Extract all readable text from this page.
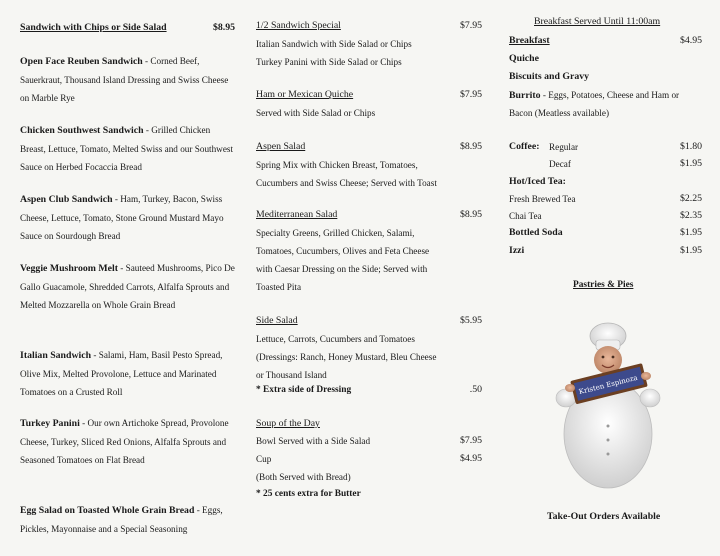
Sandwich with Chips or Side Salad	$8.95
Open Face Reuben Sandwich - Corned Beef, Sauerkraut, Thousand Island Dressing and Swiss Cheese on Marble Rye
Chicken Southwest Sandwich - Grilled Chicken Breast, Lettuce, Tomato, Melted Swiss and our Southwest Sauce on Herbed Focaccia Bread
Aspen Club Sandwich - Ham, Turkey, Bacon, Swiss Cheese, Lettuce, Tomato, Stone Ground Mustard Mayo Sauce on Sourdough Bread
Veggie Mushroom Melt - Sauteed Mushrooms, Pico De Gallo Guacamole, Shredded Carrots, Alfalfa Sprouts and Melted Mozzarella on Whole Grain Bread
Italian Sandwich - Salami, Ham, Basil Pesto Spread, Olive Mix, Melted Provolone, Lettuce and Marinated Tomatoes on a Crusted Roll
Turkey Panini - Our own Artichoke Spread, Provolone Cheese, Turkey, Sliced Red Onions, Alfalfa Sprouts and Seasoned Tomatoes on Flat Bread
Egg Salad on Toasted Whole Grain Bread - Eggs, Pickles, Mayonnaise and a Special Seasoning
1/2 Sandwich Special	$7.95
Italian Sandwich with Side Salad or Chips
Turkey Panini with Side Salad or Chips
Ham or Mexican Quiche	$7.95
Served with Side Salad or Chips
Aspen Salad	$8.95
Spring Mix with Chicken Breast, Tomatoes,
Cucumbers and Swiss Cheese; Served with Toast
Mediterranean Salad	$8.95
Specialty Greens, Grilled Chicken, Salami,
Tomatoes, Cucumbers, Olives and Feta Cheese
with Caesar Dressing on the Side; Served with
Toasted Pita
Side Salad	$5.95
Lettuce, Carrots, Cucumbers and Tomatoes
(Dressings: Ranch, Honey Mustard, Bleu Cheese
or Thousand Island
* Extra side of Dressing	.50
Soup of the Day
Bowl Served with a Side Salad	$7.95
Cup	$4.95
(Both Served with Bread)
* 25 cents extra for Butter
Breakfast Served Until 11:00am
Breakfast	$4.95
Quiche
Biscuits and Gravy
Burrito - Eggs, Potatoes, Cheese and Ham or
Bacon (Meatless available)
Coffee: Regular	$1.80
Decaf	$1.95
Hot/Iced Tea:
Fresh Brewed Tea	$2.25
Chai Tea	$2.35
Bottled Soda	$1.95
Izzi	$1.95
Pastries & Pies
Take-Out Orders Available
Kristen Espinoza
